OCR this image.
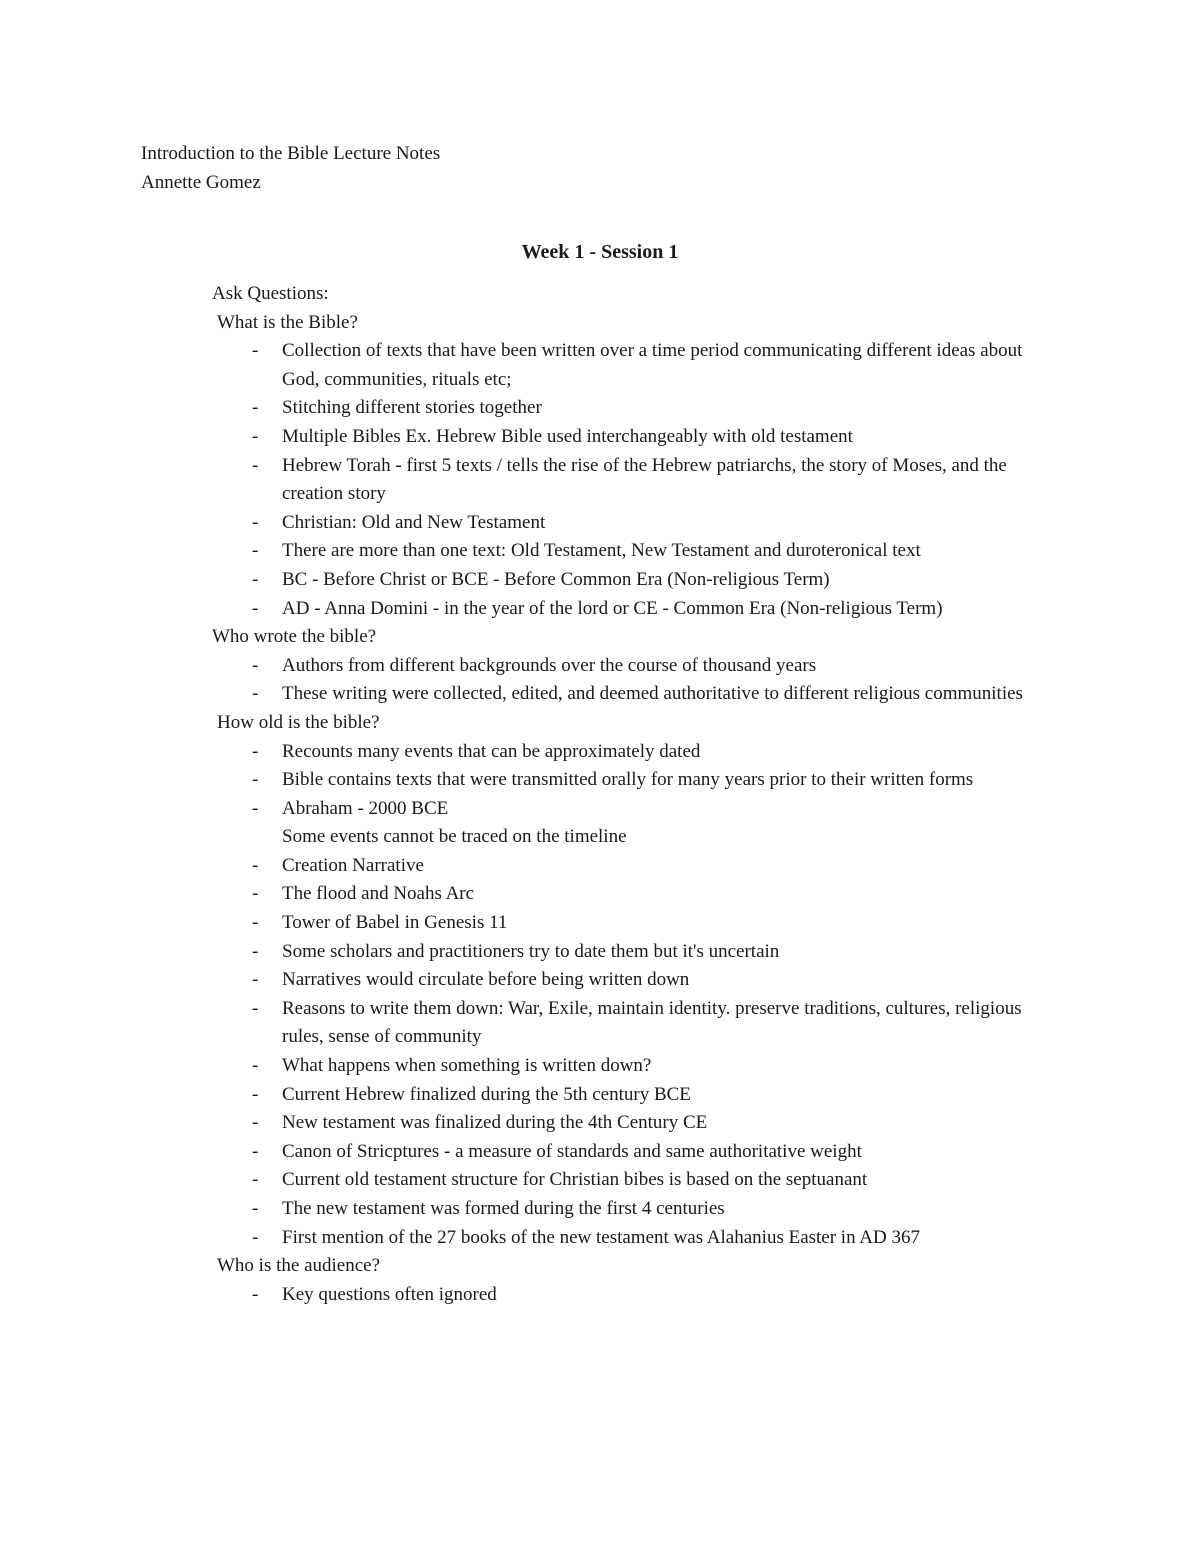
Introduction to the Bible Lecture Notes
Annette Gomez
Week 1 - Session 1
Ask Questions:
What is the Bible?
- Collection of texts that have been written over a time period communicating different ideas about God, communities, rituals etc;
- Stitching different stories together
- Multiple Bibles Ex. Hebrew Bible used interchangeably with old testament
- Hebrew Torah - first 5 texts / tells the rise of the Hebrew patriarchs, the story of Moses, and the creation story
- Christian: Old and New Testament
- There are more than one text: Old Testament, New Testament and duroteronical text
- BC - Before Christ or BCE - Before Common Era (Non-religious Term)
- AD - Anna Domini - in the year of the lord or CE - Common Era (Non-religious Term)
Who wrote the bible?
- Authors from different backgrounds over the course of thousand years
- These writing were collected, edited, and deemed authoritative to different religious communities
How old is the bible?
- Recounts many events that can be approximately dated
- Bible contains texts that were transmitted orally for many years prior to their written forms
- Abraham - 2000 BCE
Some events cannot be traced on the timeline
- Creation Narrative
- The flood and Noahs Arc
- Tower of Babel in Genesis 11
- Some scholars and practitioners try to date them but it's uncertain
- Narratives would circulate before being written down
- Reasons to write them down: War, Exile, maintain identity. preserve traditions, cultures, religious rules, sense of community
- What happens when something is written down?
- Current Hebrew finalized during the 5th century BCE
- New testament was finalized during the 4th Century CE
- Canon of Stricptures - a measure of standards and same authoritative weight
- Current old testament structure for Christian bibes is based on the septuanant
- The new testament was formed during the first 4 centuries
- First mention of the 27 books of the new testament was Alahanius Easter in AD 367
Who is the audience?
- Key questions often ignored
